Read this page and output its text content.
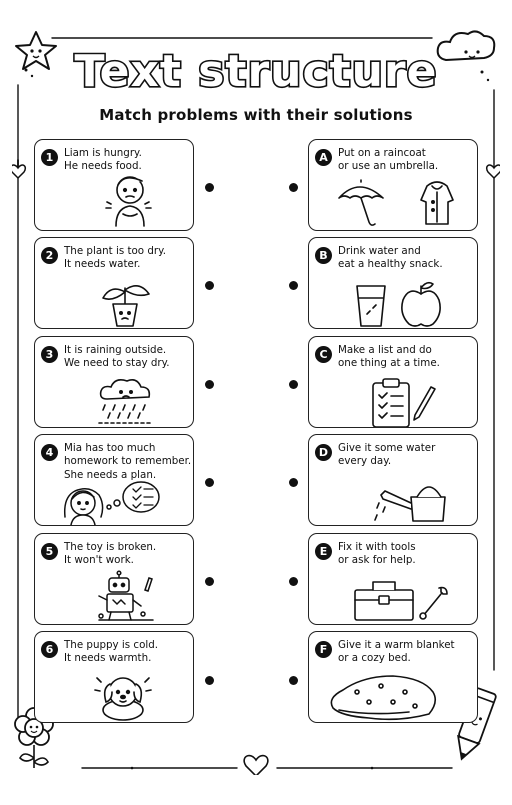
Text structure
Match problems with their solutions
1	Liam is hungry.
He needs food.
2	The plant is too dry.
It needs water.
3	It is raining outside.
We need to stay dry.
4	Mia has too much
homework to remember.
She needs a plan.
5	The toy is broken.
It won't work.
6	The puppy is cold.
It needs warmth.
A Put on a raincoat
or use an umbrella.
B	Drink water and
eat a healthy snack.
C	Make a list and do
one thing at a time.
D Give it some water
every day.
E	Fix it with tools
or ask for help.
F	Give it a warm blanket
or a cozy bed.
